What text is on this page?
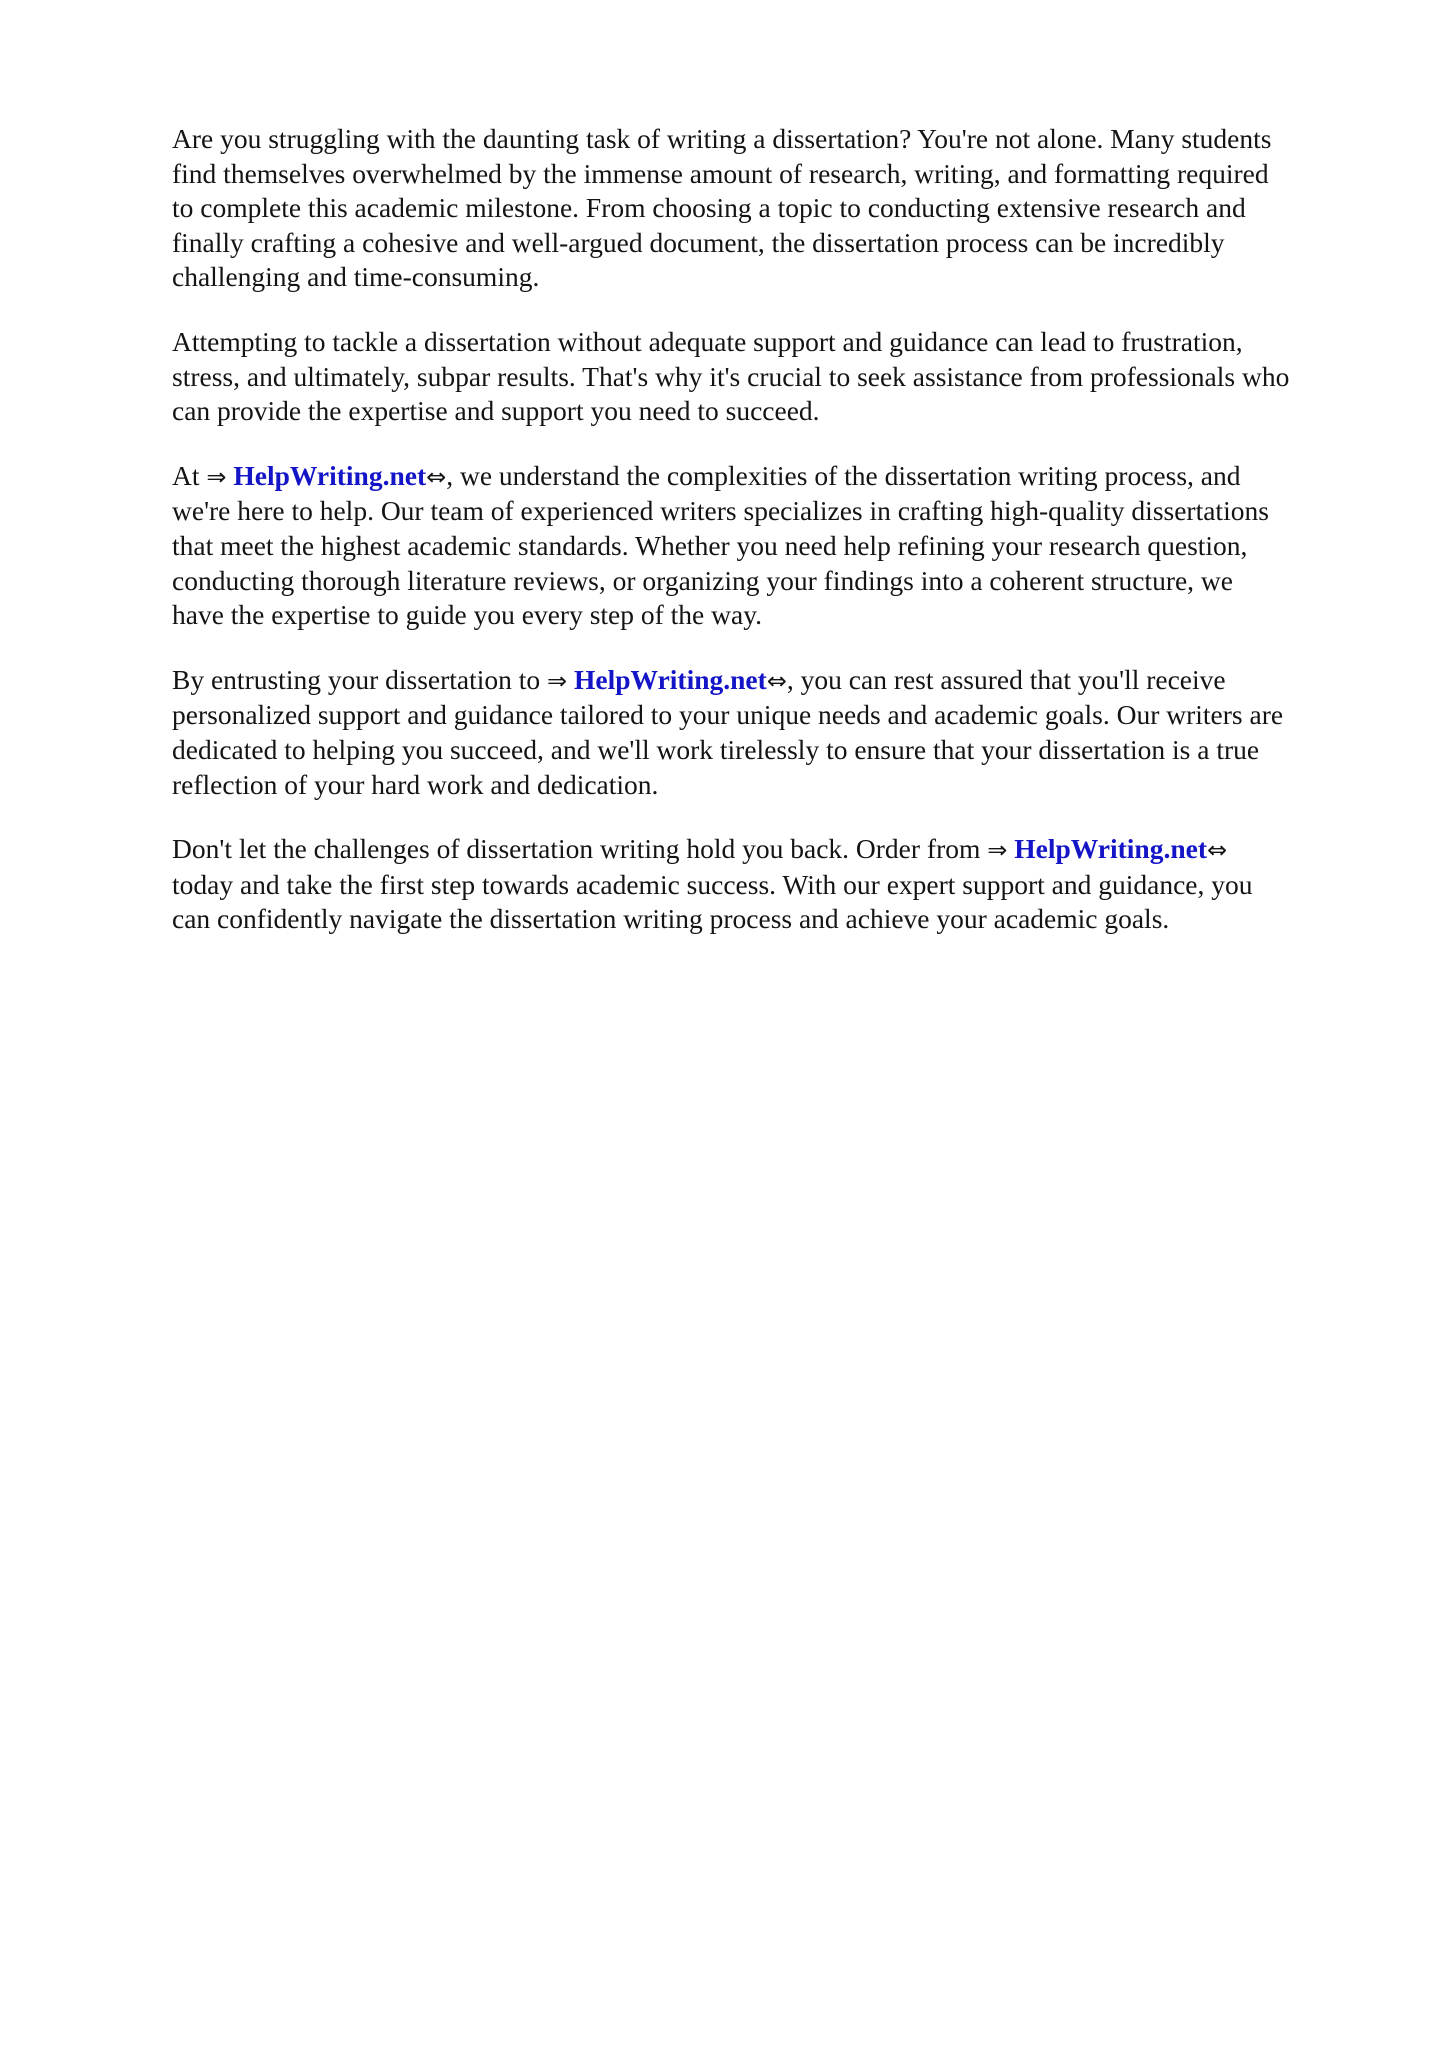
Are you struggling with the daunting task of writing a dissertation? You're not alone. Many students
find themselves overwhelmed by the immense amount of research, writing, and formatting required
to complete this academic milestone. From choosing a topic to conducting extensive research and
finally crafting a cohesive and well-argued document, the dissertation process can be incredibly
challenging and time-consuming.

Attempting to tackle a dissertation without adequate support and guidance can lead to frustration,
stress, and ultimately, subpar results. That's why it's crucial to seek assistance from professionals who
can provide the expertise and support you need to succeed.

At ⇒ HelpWriting.net⇔, we understand the complexities of the dissertation writing process, and
we're here to help. Our team of experienced writers specializes in crafting high-quality dissertations
that meet the highest academic standards. Whether you need help refining your research question,
conducting thorough literature reviews, or organizing your findings into a coherent structure, we
have the expertise to guide you every step of the way.

By entrusting your dissertation to ⇒ HelpWriting.net⇔, you can rest assured that you'll receive
personalized support and guidance tailored to your unique needs and academic goals. Our writers are
dedicated to helping you succeed, and we'll work tirelessly to ensure that your dissertation is a true
reflection of your hard work and dedication.

Don't let the challenges of dissertation writing hold you back. Order from ⇒ HelpWriting.net⇔
today and take the first step towards academic success. With our expert support and guidance, you
can confidently navigate the dissertation writing process and achieve your academic goals.
